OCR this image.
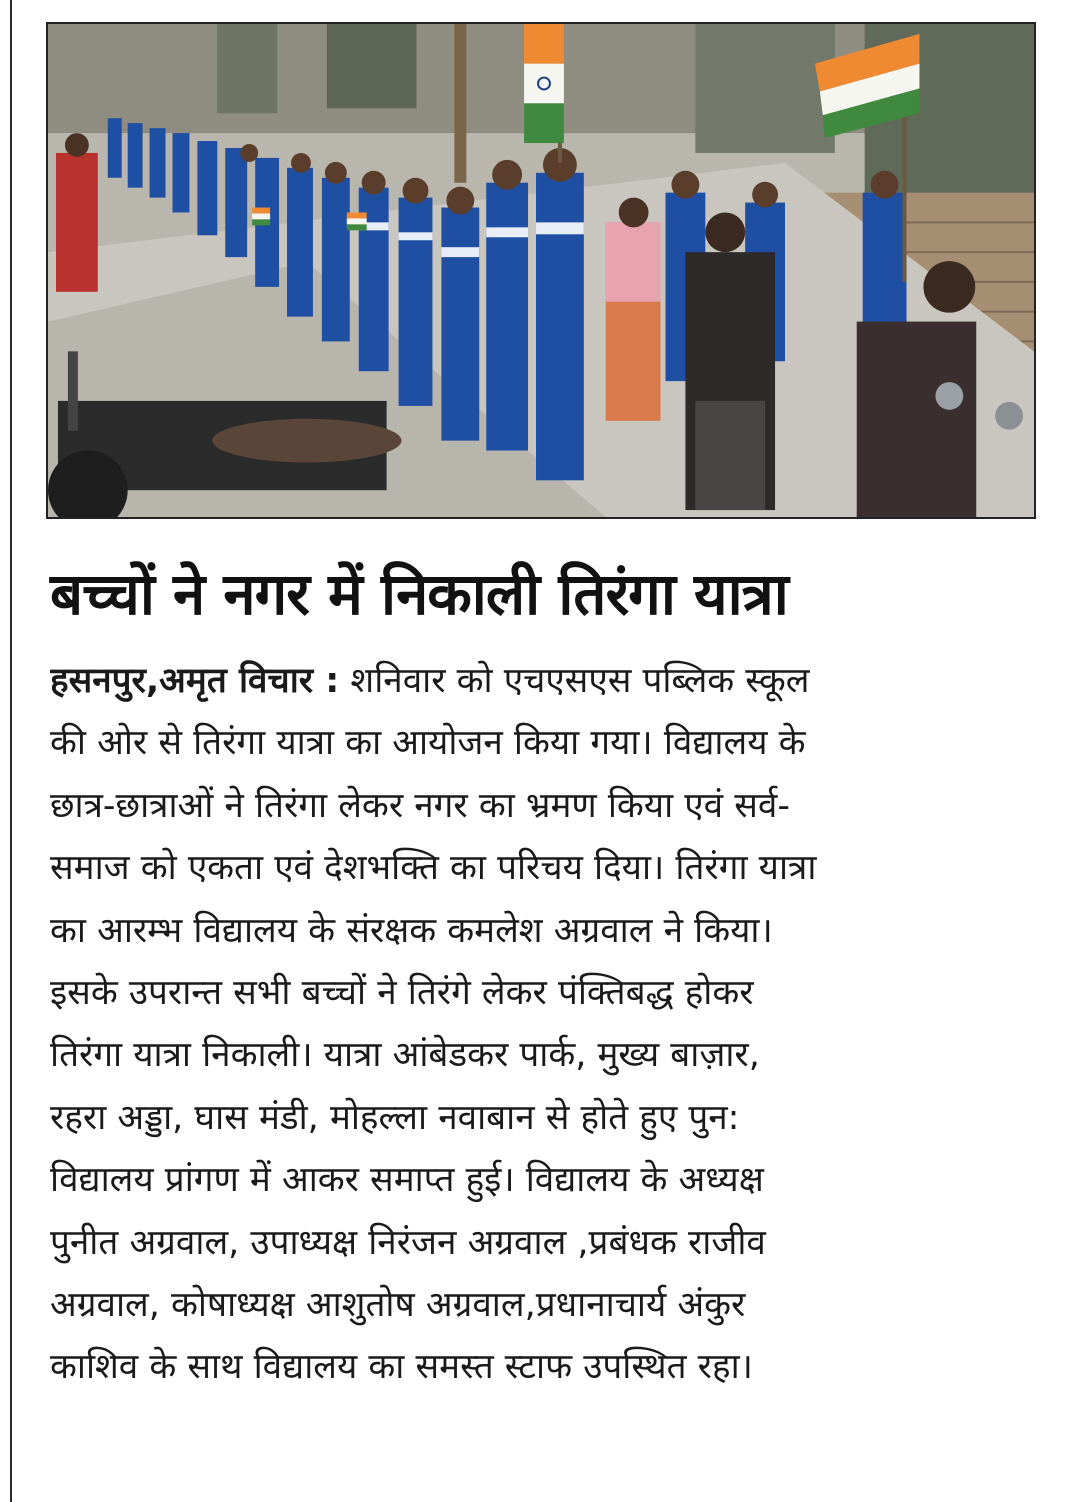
बच्चों ने नगर में निकाली तिरंगा यात्रा
हसनपुर,अमृत विचार : शनिवार को एचएसएस पब्लिक स्कूल
की ओर से तिरंगा यात्रा का आयोजन किया गया। विद्यालय के
छात्र-छात्राओं ने तिरंगा लेकर नगर का भ्रमण किया एवं सर्व-
समाज को एकता एवं देशभक्ति का परिचय दिया। तिरंगा यात्रा
का आरम्भ विद्यालय के संरक्षक कमलेश अग्रवाल ने किया।
इसके उपरान्त सभी बच्चों ने तिरंगे लेकर पंक्तिबद्ध होकर
तिरंगा यात्रा निकाली। यात्रा आंबेडकर पार्क, मुख्य बाज़ार,
रहरा अड्डा, घास मंडी, मोहल्ला नवाबान से होते हुए पुन:
विद्यालय प्रांगण में आकर समाप्त हुई। विद्यालय के अध्यक्ष
पुनीत अग्रवाल, उपाध्यक्ष निरंजन अग्रवाल ,प्रबंधक राजीव
अग्रवाल, कोषाध्यक्ष आशुतोष अग्रवाल,प्रधानाचार्य अंकुर
काशिव के साथ विद्यालय का समस्त स्टाफ उपस्थित रहा।
